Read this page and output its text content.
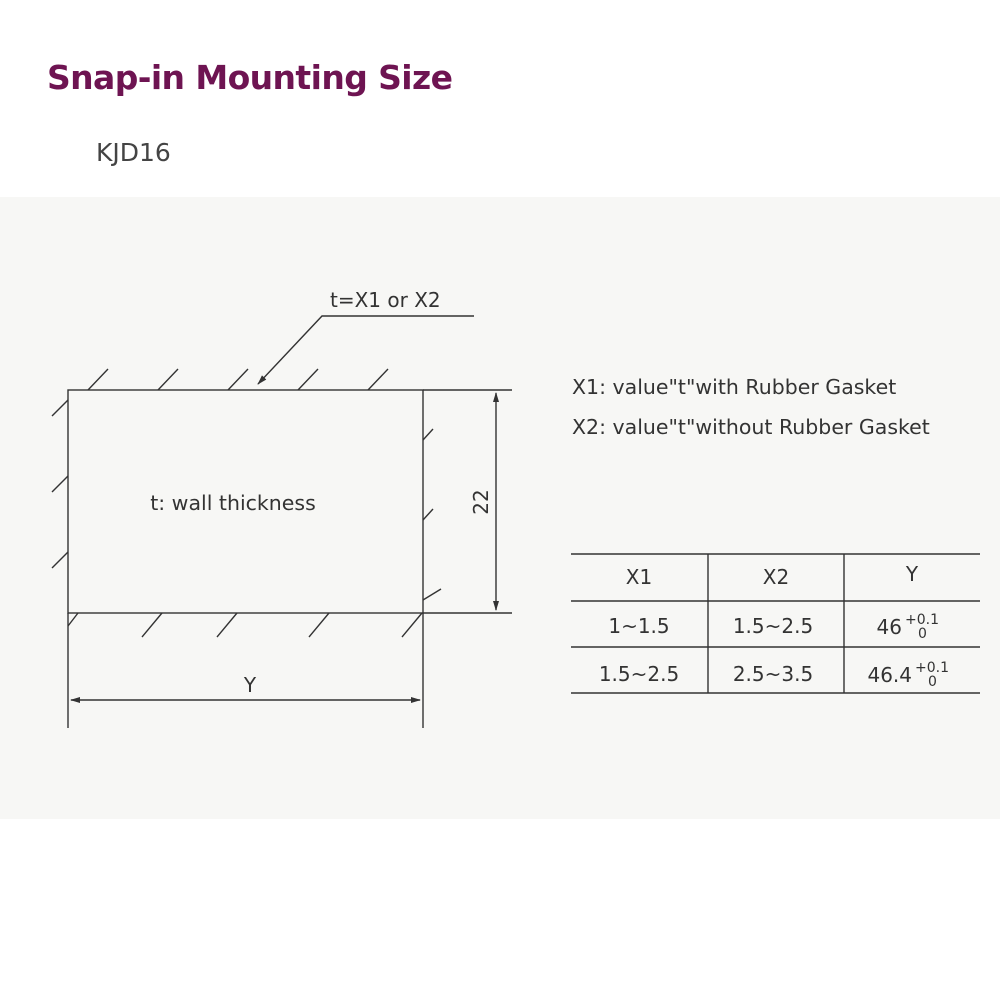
Snap-in Mounting Size
KJD16
t=X1 or X2
t: wall thickness	22
Y
X1: value"t"with Rubber Gasket
X2: value"t"without Rubber Gasket
X1	X2	Y
1~1.5	1.5~2.5	46 +0.1
0
1.5~2.5	2.5~3.5	46.4 +0.1
0
